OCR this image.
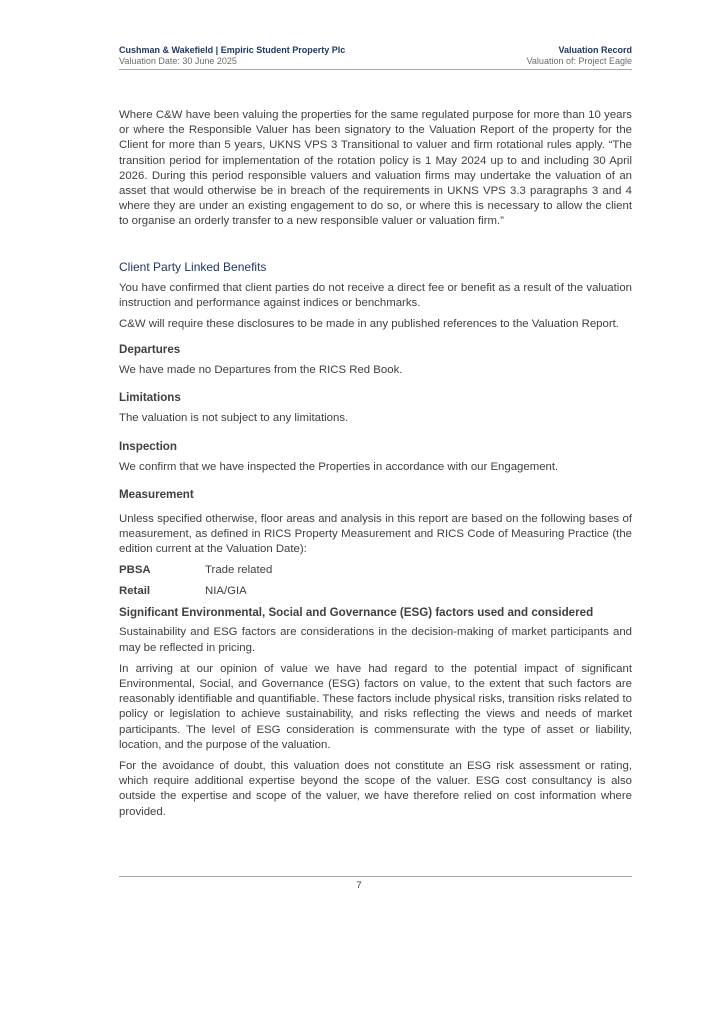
Cushman & Wakefield | Empiric Student Property Plc	Valuation Record
Valuation Date: 30 June 2025	Valuation of: Project Eagle

Where C&W have been valuing the properties for the same regulated purpose for more than 10 years or where the Responsible Valuer has been signatory to the Valuation Report of the property for the Client for more than 5 years, UKNS VPS 3 Transitional to valuer and firm rotational rules apply. “The transition period for implementation of the rotation policy is 1 May 2024 up to and including 30 April 2026. During this period responsible valuers and valuation firms may undertake the valuation of an asset that would otherwise be in breach of the requirements in UKNS VPS 3.3 paragraphs 3 and 4 where they are under an existing engagement to do so, or where this is necessary to allow the client to organise an orderly transfer to a new responsible valuer or valuation firm.”

Client Party Linked Benefits

You have confirmed that client parties do not receive a direct fee or benefit as a result of the valuation instruction and performance against indices or benchmarks.

C&W will require these disclosures to be made in any published references to the Valuation Report.

Departures

We have made no Departures from the RICS Red Book.

Limitations

The valuation is not subject to any limitations.

Inspection

We confirm that we have inspected the Properties in accordance with our Engagement.

Measurement

Unless specified otherwise, floor areas and analysis in this report are based on the following bases of measurement, as defined in RICS Property Measurement and RICS Code of Measuring Practice (the edition current at the Valuation Date):

PBSA	Trade related
Retail	NIA/GIA
Significant Environmental, Social and Governance (ESG) factors used and considered

Sustainability and ESG factors are considerations in the decision-making of market participants and may be reflected in pricing.

In arriving at our opinion of value we have had regard to the potential impact of significant Environmental, Social, and Governance (ESG) factors on value, to the extent that such factors are reasonably identifiable and quantifiable. These factors include physical risks, transition risks related to policy or legislation to achieve sustainability, and risks reflecting the views and needs of market participants. The level of ESG consideration is commensurate with the type of asset or liability, location, and the purpose of the valuation.

For the avoidance of doubt, this valuation does not constitute an ESG risk assessment or rating, which require additional expertise beyond the scope of the valuer. ESG cost consultancy is also outside the expertise and scope of the valuer, we have therefore relied on cost information where provided.

7
